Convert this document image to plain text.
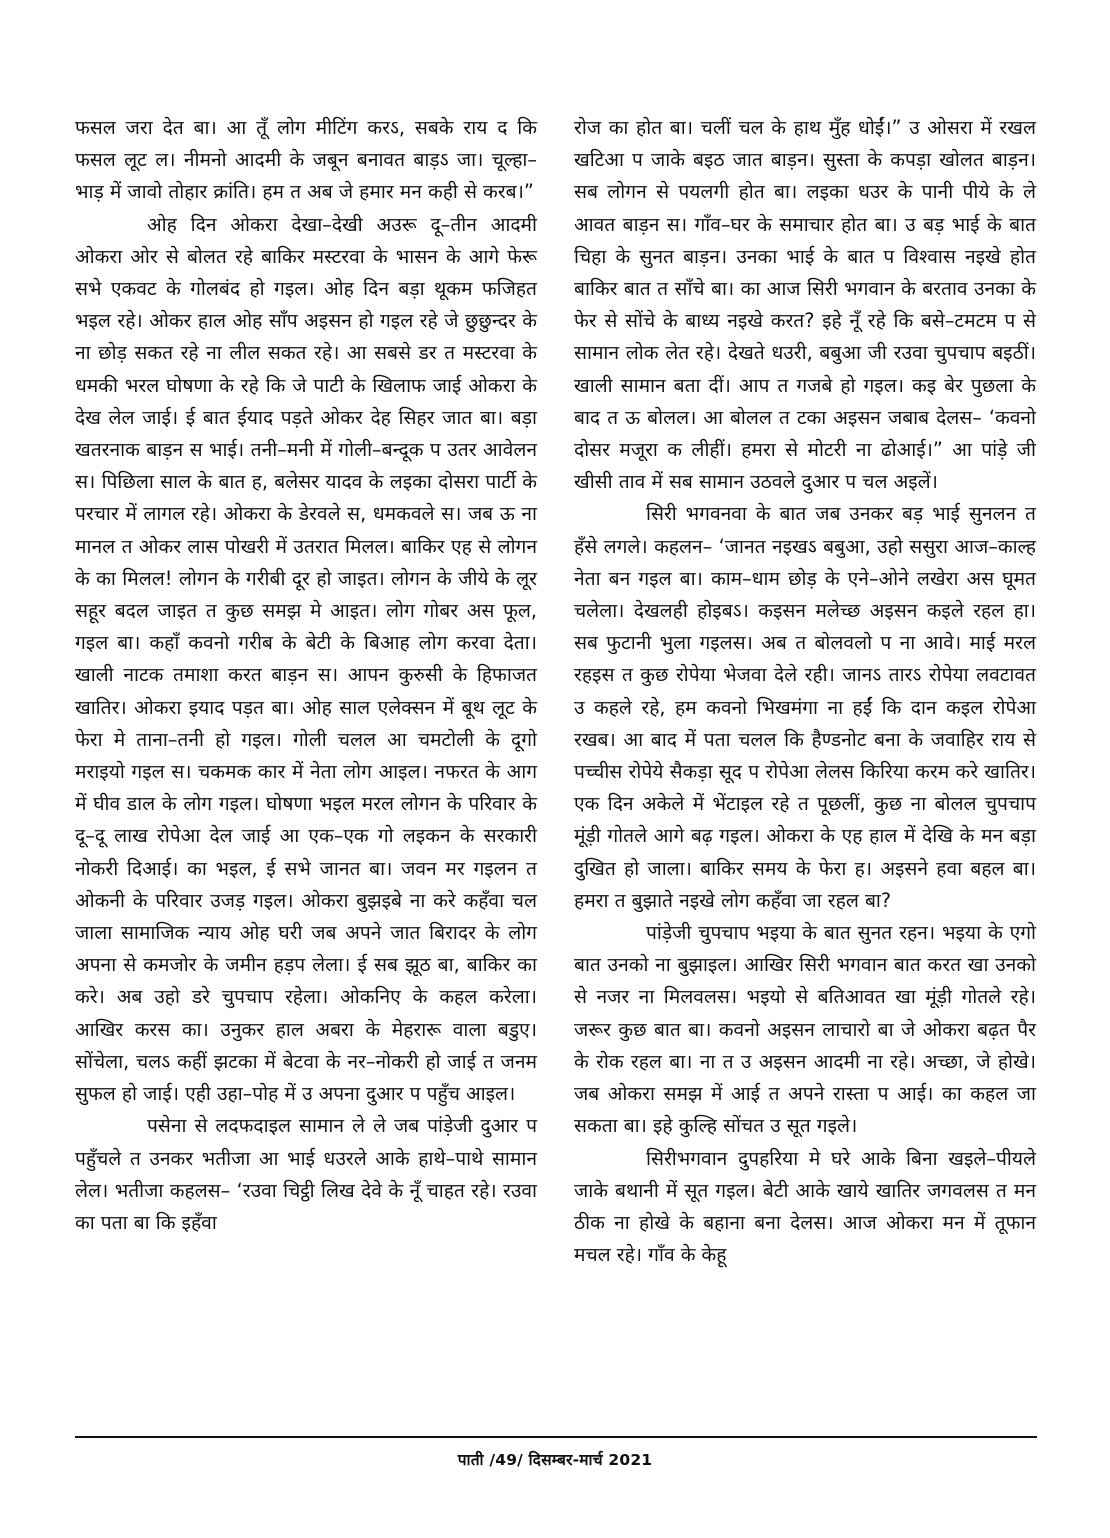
फसल जरा देत बा। आ तूँ लोग मीटिंग करऽ, सबके राय द कि फसल लूट ल। नीमनो आदमी के जबून बनावत बाड़ऽ जा। चूल्हा–भाड़ में जावो तोहार क्रांति। हम त अब जे हमार मन कही से करब।”

ओह दिन ओकरा देखा–देखी अउरू दू–तीन आदमी ओकरा ओर से बोलत रहे बाकिर मस्टरवा के भासन के आगे फेरू सभे एकवट के गोलबंद हो गइल। ओह दिन बड़ा थूकम फजिहत भइल रहे। ओकर हाल ओह साँप अइसन हो गइल रहे जे छुछुन्दर के ना छोड़ सकत रहे ना लील सकत रहे। आ सबसे डर त मस्टरवा के धमकी भरल घोषणा के रहे कि जे पाटी के खिलाफ जाई ओकरा के देख लेल जाई। ई बात ईयाद पड़ते ओकर देह सिहर जात बा। बड़ा खतरनाक बाड़न स भाई। तनी–मनी में गोली–बन्दूक प उतर आवेलन स। पिछिला साल के बात ह, बलेसर यादव के लइका दोसरा पार्टी के परचार में लागल रहे। ओकरा के डेरवले स, धमकवले स। जब ऊ ना मानल त ओकर लास पोखरी में उतरात मिलल। बाकिर एह से लोगन के का मिलल! लोगन के गरीबी दूर हो जाइत। लोगन के जीये के लूर सहूर बदल जाइत त कुछ समझ मे आइत। लोग गोबर अस फूल, गइल बा। कहाँ कवनो गरीब के बेटी के बिआह लोग करवा देता। खाली नाटक तमाशा करत बाड़न स। आपन कुरुसी के हिफाजत खातिर। ओकरा इयाद पड़त बा। ओह साल एलेक्सन में बूथ लूट के फेरा मे ताना–तनी हो गइल। गोली चलल आ चमटोली के दूगो मराइयो गइल स। चकमक कार में नेता लोग आइल। नफरत के आग में घीव डाल के लोग गइल। घोषणा भइल मरल लोगन के परिवार के दू–दू लाख रोपेआ देल जाई आ एक–एक गो लइकन के सरकारी नोकरी दिआई। का भइल, ई सभे जानत बा। जवन मर गइलन त ओकनी के परिवार उजड़ गइल। ओकरा बुझइबे ना करे कहँवा चल जाला सामाजिक न्याय ओह घरी जब अपने जात बिरादर के लोग अपना से कमजोर के जमीन हड़प लेला। ई सब झूठ बा, बाकिर का करे। अब उहो डरे चुपचाप रहेला। ओकनिए के कहल करेला। आखिर करस का। उनुकर हाल अबरा के मेहरारू वाला बडुए। सोंचेला, चलऽ कहीं झटका में बेटवा के नर–नोकरी हो जाई त जनम सुफल हो जाई। एही उहा–पोह में उ अपना दुआर प पहुँच आइल।

पसेना से लदफदाइल सामान ले ले जब पांड़ेजी दुआर प पहुँचले त उनकर भतीजा आ भाई धउरले आके हाथे–पाथे सामान लेल। भतीजा कहलस– ‘रउवा चिट्ठी लिख देवे के नूँ चाहत रहे। रउवा का पता बा कि इहँवा

रोज का होत बा। चलीं चल के हाथ मुँह धोईं।” उ ओसरा में रखल खटिआ प जाके बइठ जात बाड़न। सुस्ता के कपड़ा खोलत बाड़न। सब लोगन से पयलगी होत बा। लइका धउर के पानी पीये के ले आवत बाड़न स। गाँव–घर के समाचार होत बा। उ बड़ भाई के बात चिहा के सुनत बाड़न। उनका भाई के बात प विश्वास नइखे होत बाकिर बात त साँचे बा। का आज सिरी भगवान के बरताव उनका के फेर से सोंचे के बाध्य नइखे करत? इहे नूँ रहे कि बसे–टमटम प से सामान लोक लेत रहे। देखते धउरी, बबुआ जी रउवा चुपचाप बइठीं। खाली सामान बता दीं। आप त गजबे हो गइल। कइ बेर पुछला के बाद त ऊ बोलल। आ बोलल त टका अइसन जबाब देलस– ‘कवनो दोसर मजूरा क लीहीं। हमरा से मोटरी ना ढोआई।” आ पांड़े जी खीसी ताव में सब सामान उठवले दुआर प चल अइलें।

सिरी भगवनवा के बात जब उनकर बड़ भाई सुनलन त हँसे लगले। कहलन– ‘जानत नइखऽ बबुआ, उहो ससुरा आज–काल्ह नेता बन गइल बा। काम–धाम छोड़ के एने–ओने लखेरा अस घूमत चलेला। देखलही होइबऽ। कइसन मलेच्छ अइसन कइले रहल हा। सब फुटानी भुला गइलस। अब त बोलवलो प ना आवे। माई मरल रहइस त कुछ रोपेया भेजवा देले रही। जानऽ तारऽ रोपेया लवटावत उ कहले रहे, हम कवनो भिखमंगा ना हईं कि दान कइल रोपेआ रखब। आ बाद में पता चलल कि हैण्डनोट बना के जवाहिर राय से पच्चीस रोपेये सैकड़ा सूद प रोपेआ लेलस किरिया करम करे खातिर। एक दिन अकेले में भेंटाइल रहे त पूछलीं, कुछ ना बोलल चुपचाप मूंड़ी गोतले आगे बढ़ गइल। ओकरा के एह हाल में देखि के मन बड़ा दुखित हो जाला। बाकिर समय के फेरा ह। अइसने हवा बहल बा। हमरा त बुझाते नइखे लोग कहँवा जा रहल बा?

पांड़ेजी चुपचाप भइया के बात सुनत रहन। भइया के एगो बात उनको ना बुझाइल। आखिर सिरी भगवान बात करत खा उनको से नजर ना मिलवलस। भइयो से बतिआवत खा मूंड़ी गोतले रहे। जरूर कुछ बात बा। कवनो अइसन लाचारो बा जे ओकरा बढ़त पैर के रोक रहल बा। ना त उ अइसन आदमी ना रहे। अच्छा, जे होखे। जब ओकरा समझ में आई त अपने रास्ता प आई। का कहल जा सकता बा। इहे कुल्हि सोंचत उ सूत गइले।

सिरीभगवान दुपहरिया मे घरे आके बिना खइले–पीयले जाके बथानी में सूत गइल। बेटी आके खाये खातिर जगवलस त मन ठीक ना होखे के बहाना बना देलस। आज ओकरा मन में तूफान मचल रहे। गाँव के केहू

पाती /49/ दिसम्बर-मार्च 2021
